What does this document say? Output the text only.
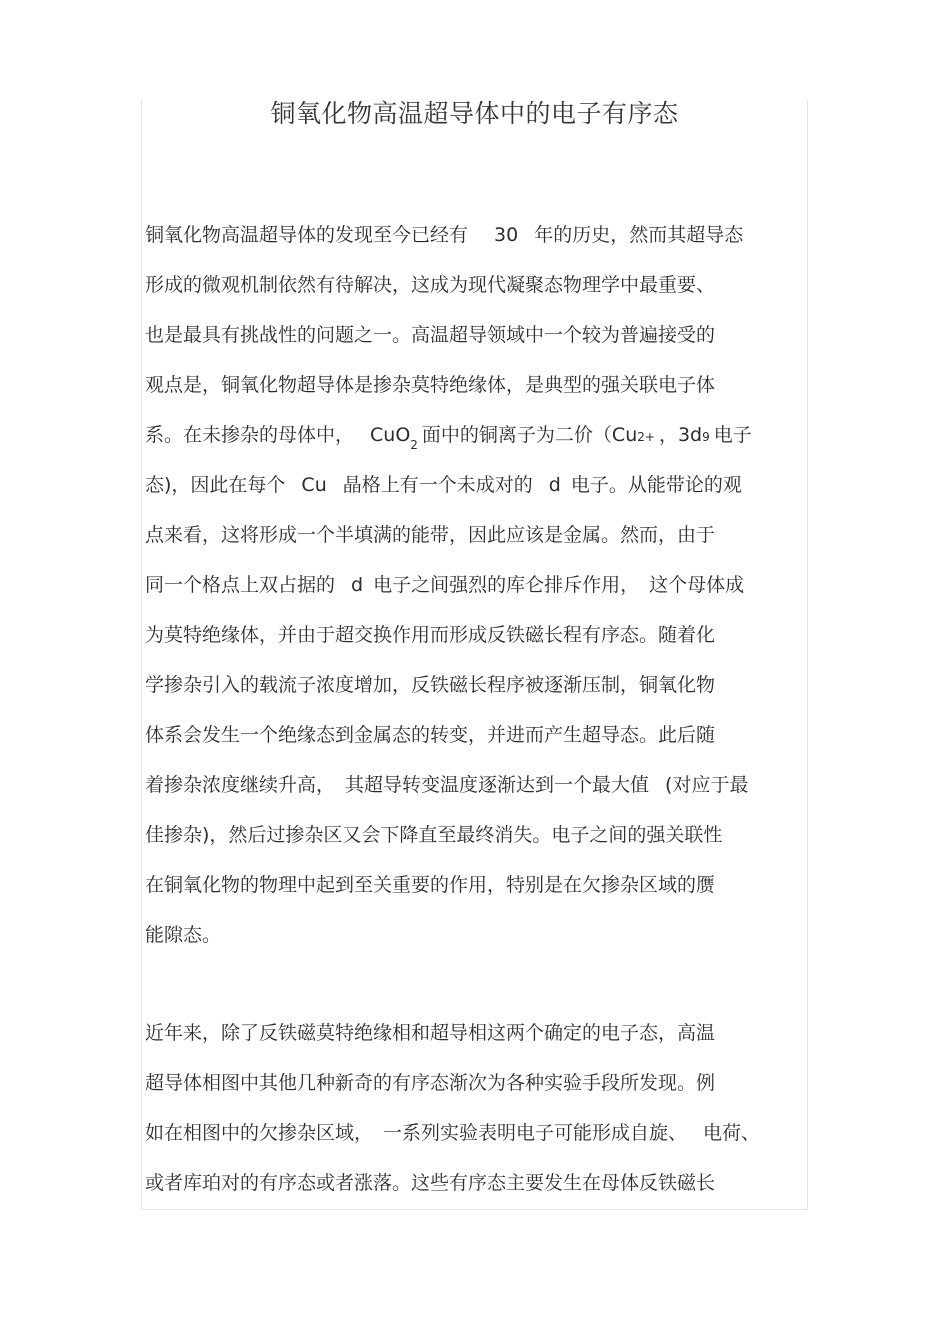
铜氧化物高温超导体中的电子有序态
铜氧化物高温超导体的发现至今已经有 30 年的历史，然而其超导态
形成的微观机制依然有待解决，这成为现代凝聚态物理学中最重要、
也是最具有挑战性的问题之一。高温超导领域中一个较为普遍接受的
观点是，铜氧化物超导体是掺杂莫特绝缘体，是典型的强关联电子体
系。在未掺杂的母体中， CuO$_2$ 面中的铜离子为二价（Cu2+ ，3d9 电子
态)，因此在每个 Cu 晶格上有一个未成对的 d 电子。从能带论的观
点来看，这将形成一个半填满的能带，因此应该是金属。然而，由于
同一个格点上双占据的 d 电子之间强烈的库仑排斥作用， 这个母体成
为莫特绝缘体，并由于超交换作用而形成反铁磁长程有序态。随着化
学掺杂引入的载流子浓度增加，反铁磁长程序被逐渐压制，铜氧化物
体系会发生一个绝缘态到金属态的转变，并进而产生超导态。此后随
着掺杂浓度继续升高， 其超导转变温度逐渐达到一个最大值 (对应于最
佳掺杂)，然后过掺杂区又会下降直至最终消失。电子之间的强关联性
在铜氧化物的物理中起到至关重要的作用，特别是在欠掺杂区域的赝
能隙态。
近年来，除了反铁磁莫特绝缘相和超导相这两个确定的电子态，高温
超导体相图中其他几种新奇的有序态渐次为各种实验手段所发现。例
如在相图中的欠掺杂区域， 一系列实验表明电子可能形成自旋、 电荷、
或者库珀对的有序态或者涨落。这些有序态主要发生在母体反铁磁长
